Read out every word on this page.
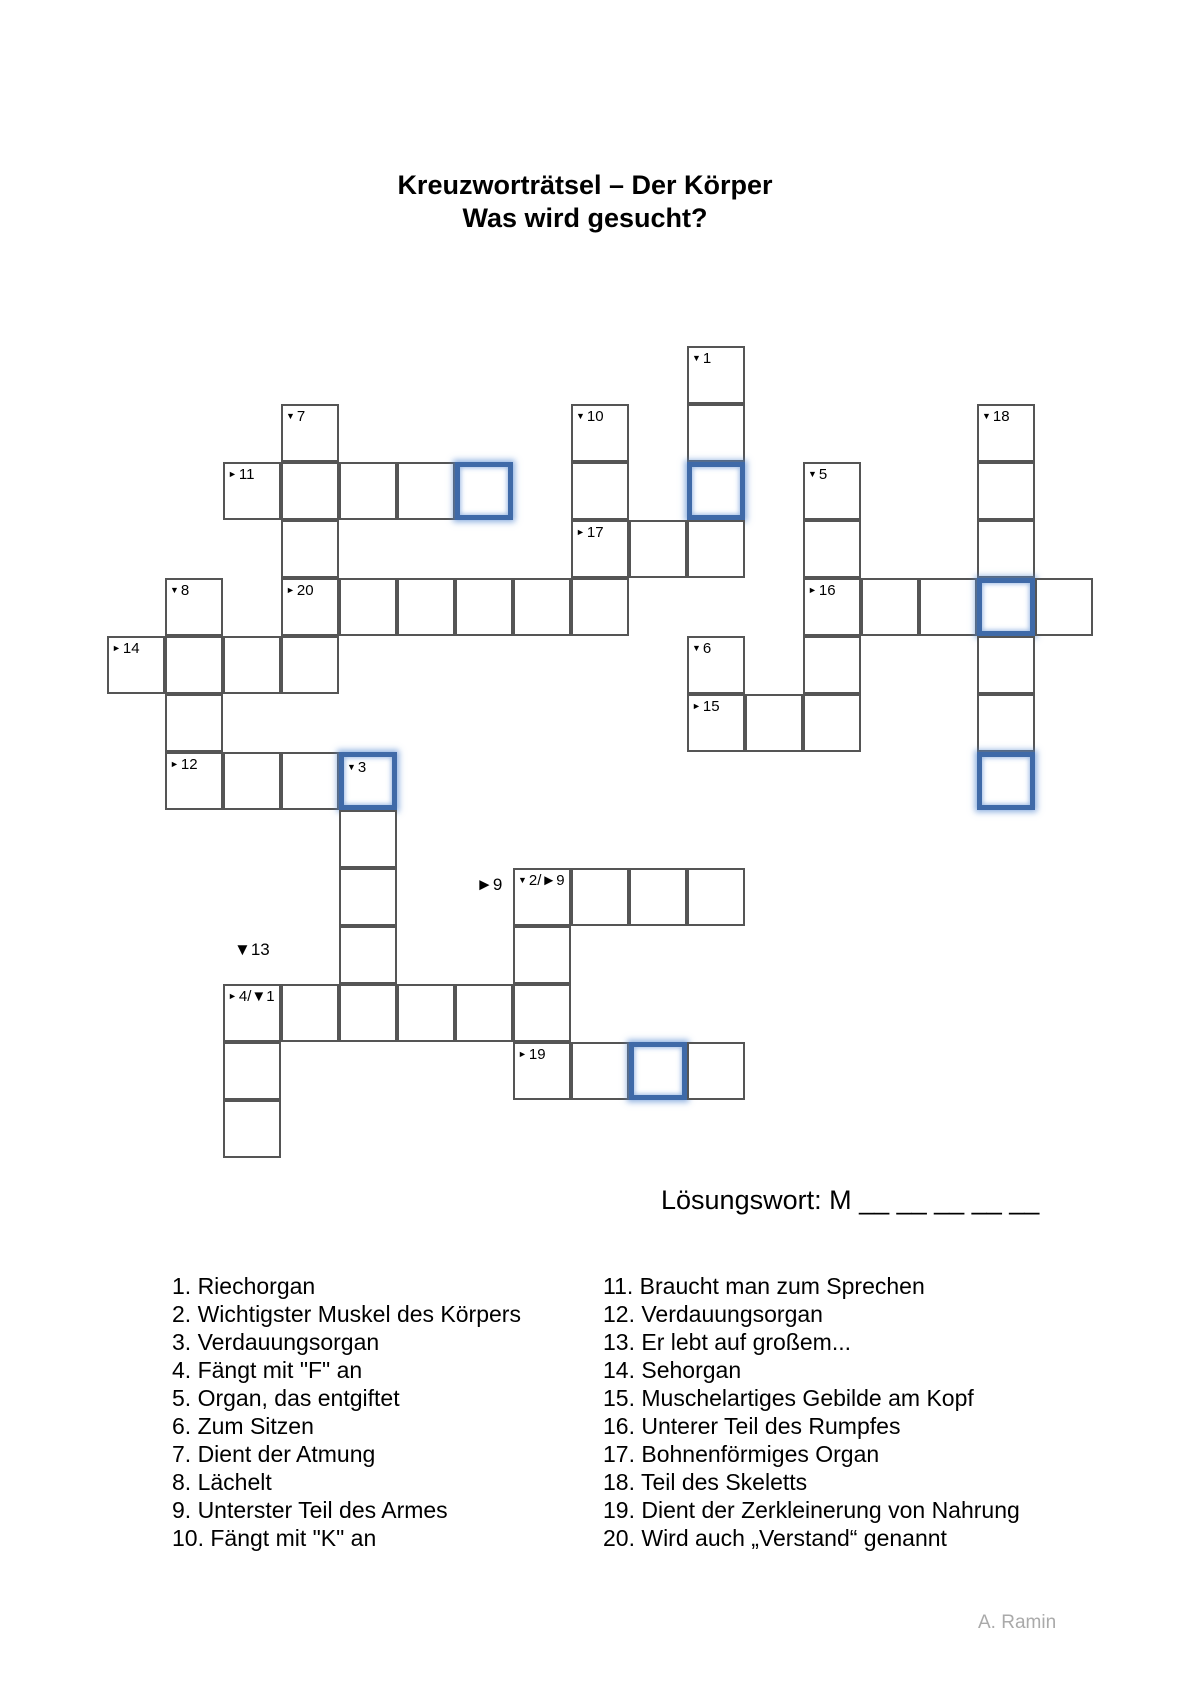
Kreuzworträtsel – Der Körper
Was wird gesucht?
▼ 1
▼ 7	▼ 10	▼ 18
► 11	▼ 5
► 17
▼ 8	► 20	► 16
► 14	▼ 6
► 15
► 12	▼ 3
▼ 2/►9
► 4/▼1
► 19
►9
▼13
Lösungswort: M __ __ __ __ __
1. Riechorgan
2. Wichtigster Muskel des Körpers
3. Verdauungsorgan
4. Fängt mit "F" an
5. Organ, das entgiftet
6. Zum Sitzen
7. Dient der Atmung
8. Lächelt
9. Unterster Teil des Armes
10. Fängt mit "K" an
11. Braucht man zum Sprechen
12. Verdauungsorgan
13. Er lebt auf großem...
14. Sehorgan
15. Muschelartiges Gebilde am Kopf
16. Unterer Teil des Rumpfes
17. Bohnenförmiges Organ
18. Teil des Skeletts
19. Dient der Zerkleinerung von Nahrung
20. Wird auch „Verstand“ genannt
A. Ramin
